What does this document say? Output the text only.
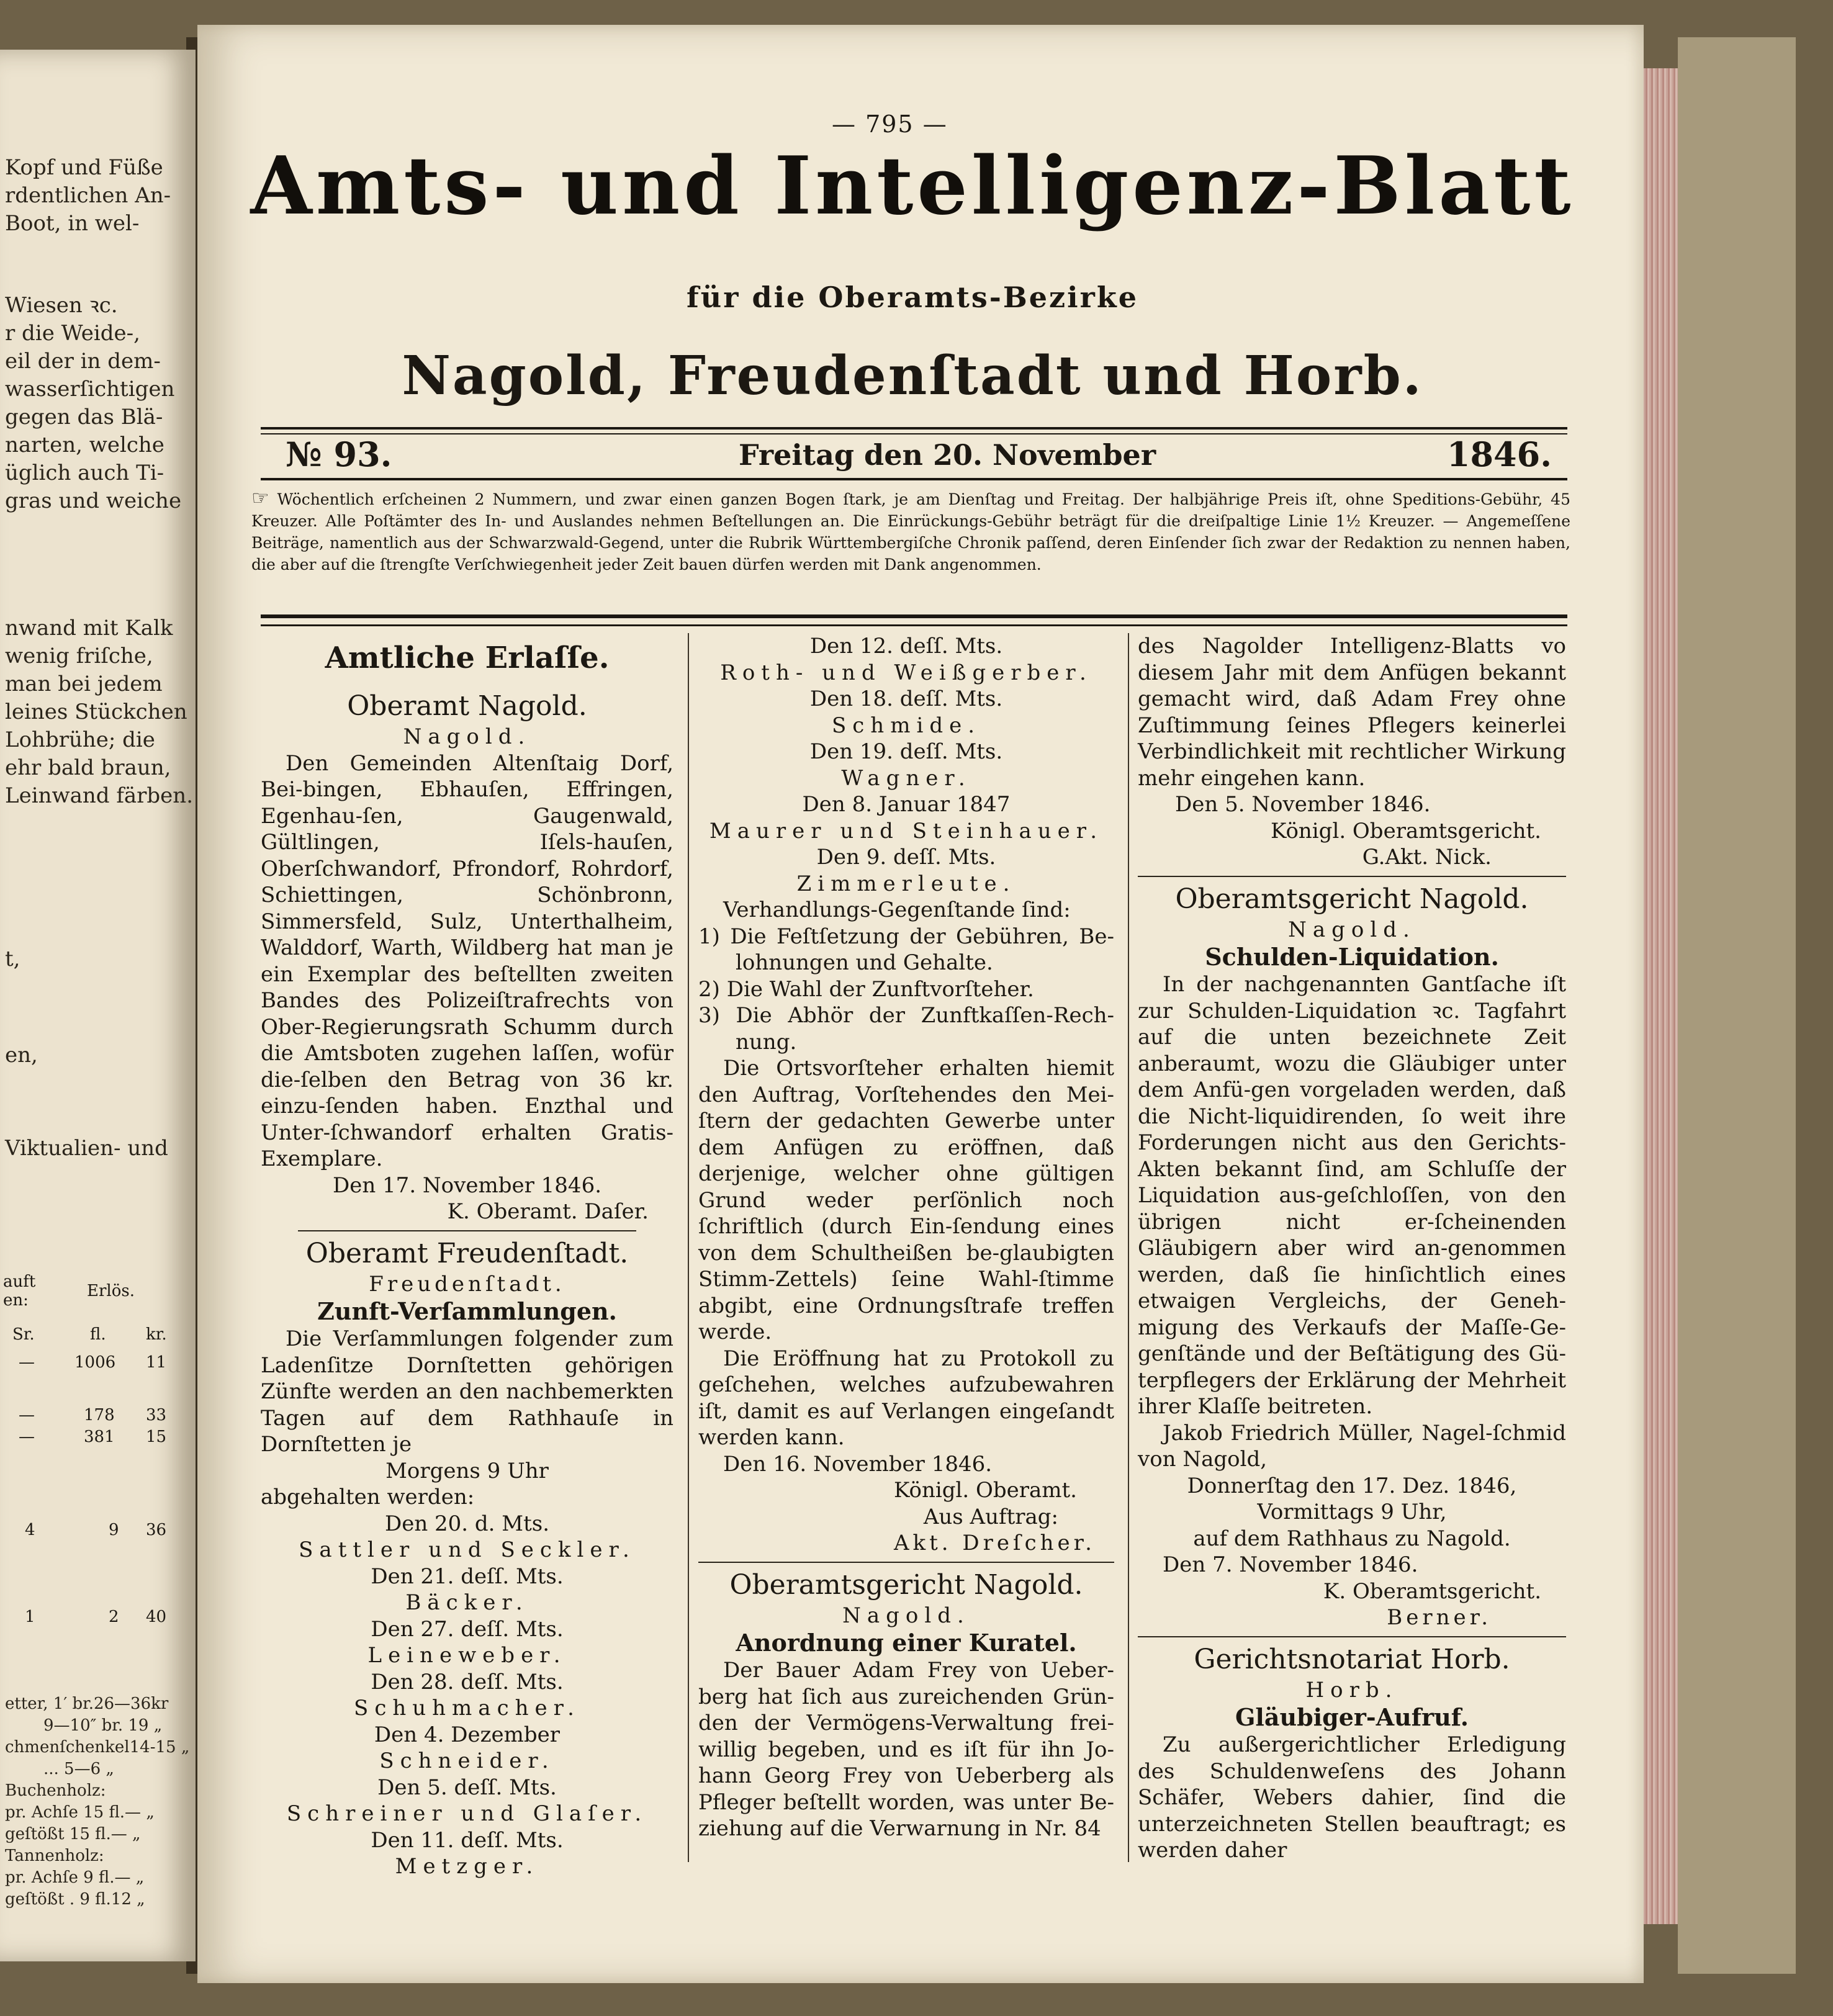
Kopf und Füße
rdentlichen An-
Boot, in wel-
Wiesen ꝛc.
r die Weide-,
eil der in dem-
wasserſichtigen
gegen das Blä-
narten, welche
üglich auch Ti-
gras und weiche
nwand mit Kalk
wenig friſche,
man bei jedem
leines Stückchen
Lohbrühe; die
ehr bald braun,
Leinwand färben.
t,
en,
Viktualien- und
auft
en:	Erlös.
Sr.	fl. kr.
— 1006 11
—	178 33
—	381 15
4	9 36
1	2 40
etter, 1′ br.26—36kr
9—10″ br. 19 „
chmenſchenkel14-15 „
... 5—6 „
Buchenholz:
pr. Achſe 15 fl.— „
geſtößt 15 fl.— „
Tannenholz:
pr. Achſe 9 fl.— „
geſtößt . 9 fl.12 „
— 795 —
Amts- und Intelligenz-Blatt
für die Oberamts-Bezirke
Nagold, Freudenſtadt und Horb.
№ 93.	Freitag den 20. November	1846.
☞ Wöchentlich erſcheinen 2 Nummern, und zwar einen ganzen Bogen ſtark, je am Dienſtag und Freitag. Der halbjährige Preis iſt, ohne Speditions-Gebühr, 45 Kreuzer. Alle Poſtämter des In- und Auslandes nehmen Beſtellungen an. Die Einrückungs-Gebühr beträgt für die dreiſpaltige Linie 1½ Kreuzer. — Angemeſſene Beiträge, namentlich aus der Schwarzwald-Gegend, unter die Rubrik Württembergiſche Chronik paſſend, deren Einſender ſich zwar der Redaktion zu nennen haben, die aber auf die ſtrengſte Verſchwiegenheit jeder Zeit bauen dürfen werden mit Dank angenommen.

Amtliche Erlaſſe.

Oberamt Nagold.

Nagold.

Den Gemeinden Altenſtaig Dorf, Bei-bingen, Ebhauſen, Effringen, Egenhau-ſen, Gaugenwald, Gültlingen, Iſels-hauſen, Oberſchwandorf, Pfrondorf, Rohrdorf, Schiettingen, Schönbronn, Simmersfeld, Sulz, Unterthalheim, Walddorf, Warth, Wildberg hat man je ein Exemplar des beſtellten zweiten Bandes des Polizeiſtrafrechts von Ober-Regierungsrath Schumm durch die Amtsboten zugehen laſſen, wofür die-ſelben den Betrag von 36 kr. einzu-ſenden haben. Enzthal und Unter-ſchwandorf erhalten Gratis-Exemplare.

Den 17. November 1846.

K. Oberamt. Daſer.

Oberamt Freudenſtadt.

Freudenſtadt.

Zunft-Verſammlungen.

Die Verſammlungen folgender zum Ladenſitze Dornſtetten gehörigen Zünfte werden an den nachbemerkten Tagen auf dem Rathhauſe in Dornſtetten je

Morgens 9 Uhr

abgehalten werden:

Den 20. d. Mts.

Sattler und Seckler.

Den 21. deſſ. Mts.

Bäcker.

Den 27. deſſ. Mts.

Leineweber.

Den 28. deſſ. Mts.

Schuhmacher.

Den 4. Dezember

Schneider.

Den 5. deſſ. Mts.

Schreiner und Glaſer.

Den 11. deſſ. Mts.

Metzger.

Den 12. deſſ. Mts.

Roth- und Weißgerber.

Den 18. deſſ. Mts.

Schmide.

Den 19. deſſ. Mts.

Wagner.

Den 8. Januar 1847

Maurer und Steinhauer.

Den 9. deſſ. Mts.

Zimmerleute.

Verhandlungs-Gegenſtande ſind:

1) Die Feſtſetzung der Gebühren, Be-lohnungen und Gehalte.

2) Die Wahl der Zunftvorſteher.

3) Die Abhör der Zunftkaſſen-Rech-nung.

Die Ortsvorſteher erhalten hiemit den Auftrag, Vorſtehendes den Mei-ſtern der gedachten Gewerbe unter dem Anfügen zu eröffnen, daß derjenige, welcher ohne gültigen Grund weder perſönlich noch ſchriftlich (durch Ein-ſendung eines von dem Schultheißen be-glaubigten Stimm-Zettels) ſeine Wahl-ſtimme abgibt, eine Ordnungsſtrafe treffen werde.

Die Eröffnung hat zu Protokoll zu geſchehen, welches aufzubewahren iſt, damit es auf Verlangen eingeſandt werden kann.

Den 16. November 1846.

Königl. Oberamt.

Aus Auftrag:

Akt. Dreſcher.

Oberamtsgericht Nagold.

Nagold.

Anordnung einer Kuratel.

Der Bauer Adam Frey von Ueber-berg hat ſich aus zureichenden Grün-den der Vermögens-Verwaltung frei-willig begeben, und es iſt für ihn Jo-hann Georg Frey von Ueberberg als Pfleger beſtellt worden, was unter Be-ziehung auf die Verwarnung in Nr. 84

des Nagolder Intelligenz-Blatts vo diesem Jahr mit dem Anfügen bekannt gemacht wird, daß Adam Frey ohne Zuſtimmung ſeines Pflegers keinerlei Verbindlichkeit mit rechtlicher Wirkung mehr eingehen kann.

Den 5. November 1846.

Königl. Oberamtsgericht.

G.Akt. Nick.

Oberamtsgericht Nagold.

Nagold.

Schulden-Liquidation.

In der nachgenannten Gantſache iſt zur Schulden-Liquidation ꝛc. Tagfahrt auf die unten bezeichnete Zeit anberaumt, wozu die Gläubiger unter dem Anfü-gen vorgeladen werden, daß die Nicht-liquidirenden, ſo weit ihre Forderungen nicht aus den Gerichts-Akten bekannt ſind, am Schluſſe der Liquidation aus-geſchloſſen, von den übrigen nicht er-ſcheinenden Gläubigern aber wird an-genommen werden, daß ſie hinſichtlich eines etwaigen Vergleichs, der Geneh-migung des Verkaufs der Maſſe-Ge-genſtände und der Beſtätigung des Gü-terpflegers der Erklärung der Mehrheit ihrer Klaſſe beitreten.

Jakob Friedrich Müller, Nagel-ſchmid von Nagold,

Donnerſtag den 17. Dez. 1846,

Vormittags 9 Uhr,

auf dem Rathhaus zu Nagold.

Den 7. November 1846.

K. Oberamtsgericht.

Berner.

Gerichtsnotariat Horb.

Horb.

Gläubiger-Aufruf.

Zu außergerichtlicher Erledigung des Schuldenweſens des Johann Schäfer, Webers dahier, ſind die unterzeichneten Stellen beauftragt; es werden daher
